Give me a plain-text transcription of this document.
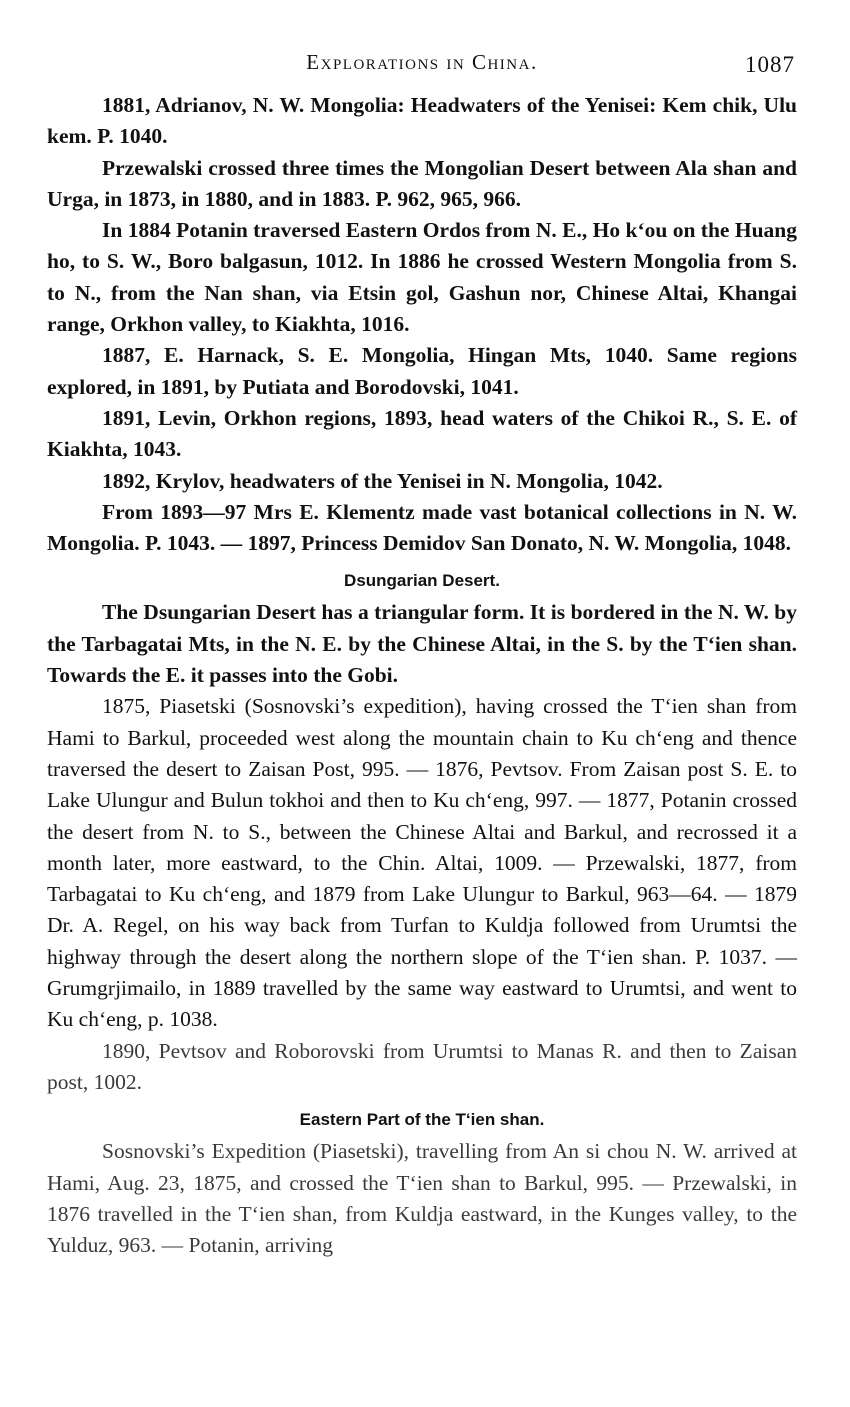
Explorations in China.	1087

1881, Adrianov, N. W. Mongolia: Headwaters of the Yenisei: Kem chik, Ulu kem. P. 1040.

Przewalski crossed three times the Mongolian Desert between Ala shan and Urga, in 1873, in 1880, and in 1883. P. 962, 965, 966.

In 1884 Potanin traversed Eastern Ordos from N. E., Ho k‘ou on the Huang ho, to S. W., Boro balgasun, 1012. In 1886 he crossed Western Mongolia from S. to N., from the Nan shan, via Etsin gol, Gashun nor, Chinese Altai, Khangai range, Orkhon valley, to Kiakhta, 1016.

1887, E. Harnack, S. E. Mongolia, Hingan Mts, 1040. Same regions explored, in 1891, by Putiata and Borodovski, 1041.

1891, Levin, Orkhon regions, 1893, head waters of the Chikoi R., S. E. of Kiakhta, 1043.

1892, Krylov, headwaters of the Yenisei in N. Mongolia, 1042.

From 1893—97 Mrs E. Klementz made vast botanical collections in N. W. Mongolia. P. 1043. — 1897, Princess Demidov San Donato, N. W. Mongolia, 1048.

Dsungarian Desert.

The Dsungarian Desert has a triangular form. It is bordered in the N. W. by the Tarbagatai Mts, in the N. E. by the Chinese Altai, in the S. by the T‘ien shan. Towards the E. it passes into the Gobi.

1875, Piasetski (Sosnovski’s expedition), having crossed the T‘ien shan from Hami to Barkul, proceeded west along the mountain chain to Ku ch‘eng and thence traversed the desert to Zaisan Post, 995. — 1876, Pevtsov. From Zaisan post S. E. to Lake Ulungur and Bulun tokhoi and then to Ku ch‘eng, 997. — 1877, Potanin crossed the desert from N. to S., between the Chinese Altai and Barkul, and recrossed it a month later, more eastward, to the Chin. Altai, 1009. — Przewalski, 1877, from Tarbagatai to Ku ch‘eng, and 1879 from Lake Ulungur to Barkul, 963—64. — 1879 Dr. A. Regel, on his way back from Turfan to Kuldja followed from Urumtsi the highway through the desert along the northern slope of the T‘ien shan. P. 1037. — Grumgrjimailo, in 1889 travelled by the same way eastward to Urumtsi, and went to Ku ch‘eng, p. 1038.

1890, Pevtsov and Roborovski from Urumtsi to Manas R. and then to Zaisan post, 1002.

Eastern Part of the T‘ien shan.

Sosnovski’s Expedition (Piasetski), travelling from An si chou N. W. arrived at Hami, Aug. 23, 1875, and crossed the T‘ien shan to Barkul, 995. — Przewalski, in 1876 travelled in the T‘ien shan, from Kuldja eastward, in the Kunges valley, to the Yulduz, 963. — Potanin, arriving
